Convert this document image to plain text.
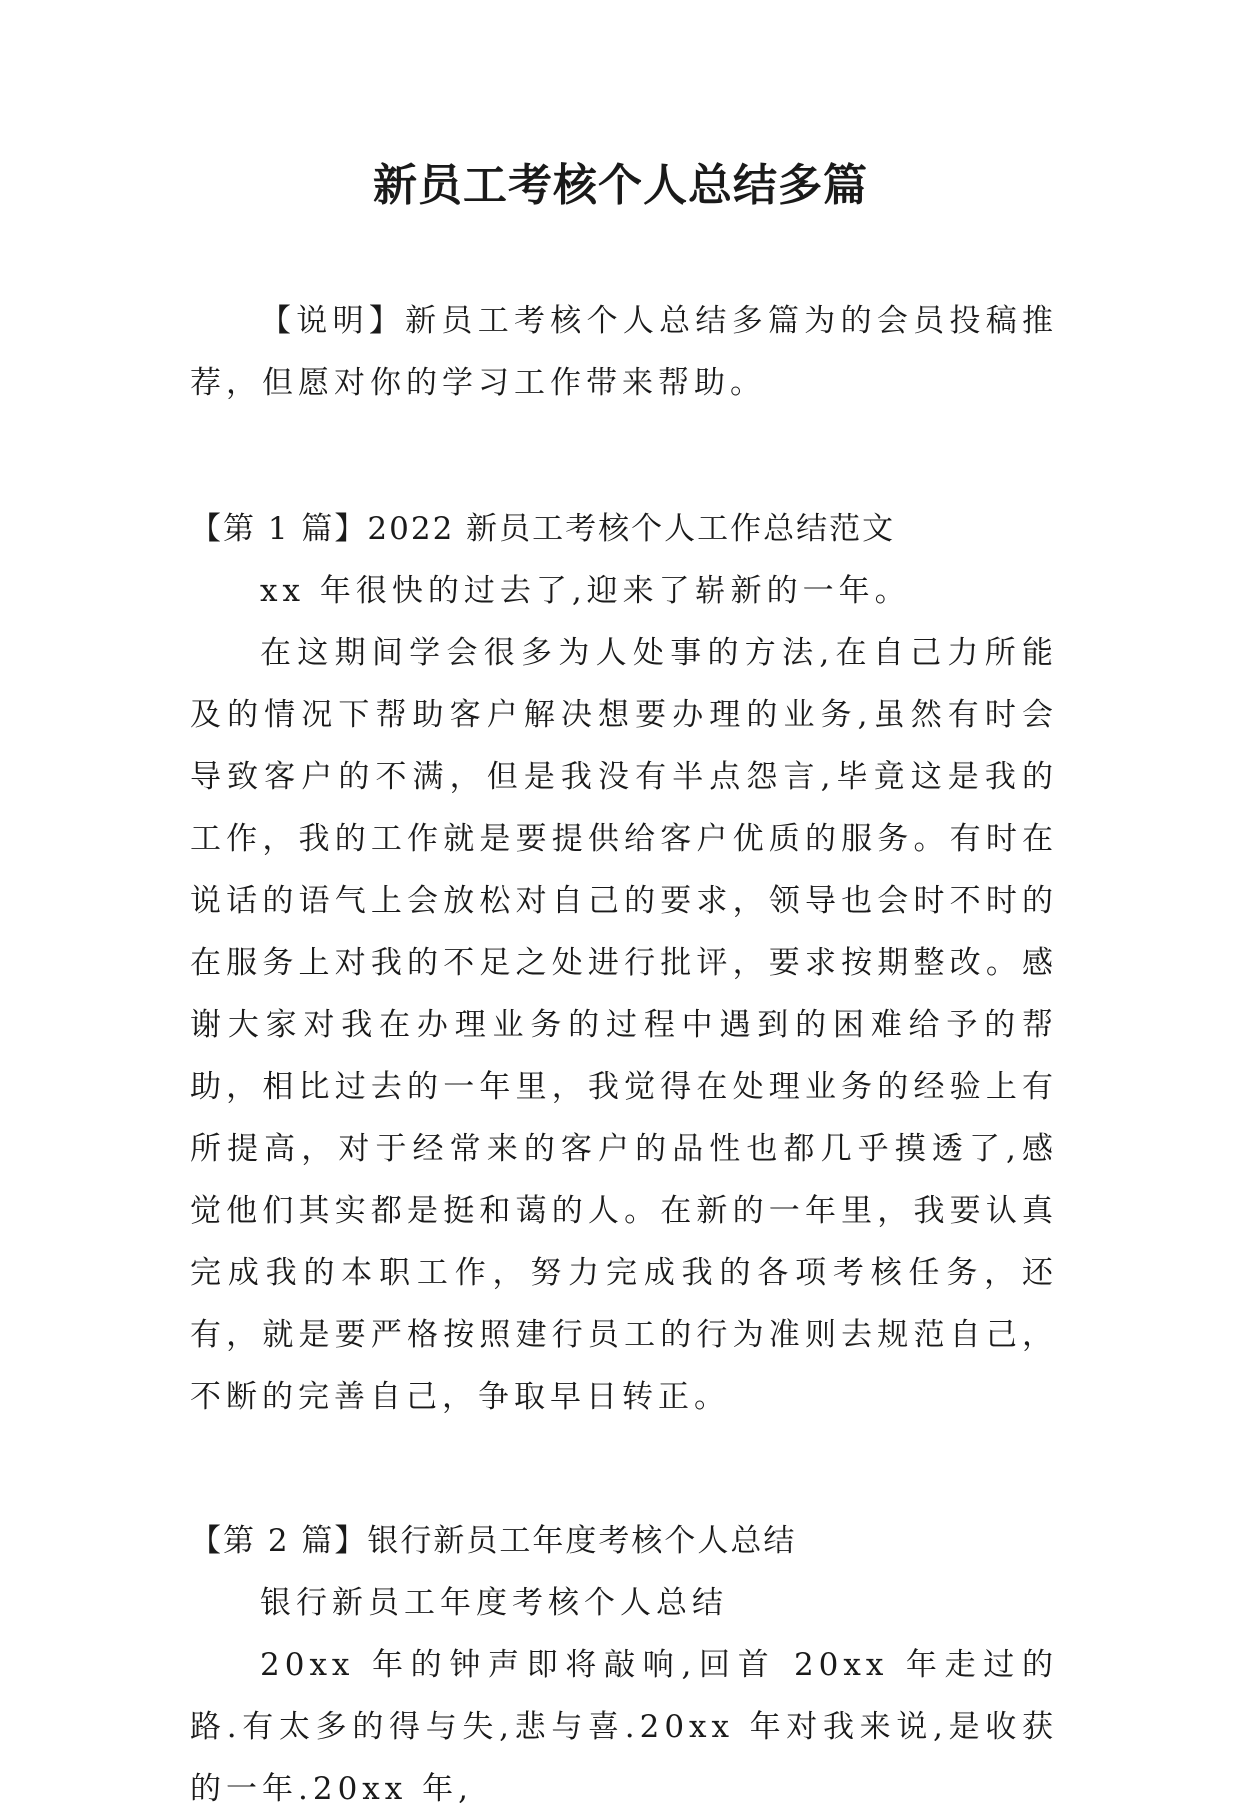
新员工考核个人总结多篇

【说明】新员工考核个人总结多篇为的会员投稿推荐，但愿对你的学习工作带来帮助。

【第 1 篇】2022 新员工考核个人工作总结范文

xx 年很快的过去了,迎来了崭新的一年。

在这期间学会很多为人处事的方法,在自己力所能及的情况下帮助客户解决想要办理的业务,虽然有时会导致客户的不满，但是我没有半点怨言,毕竟这是我的工作，我的工作就是要提供给客户优质的服务。有时在说话的语气上会放松对自己的要求，领导也会时不时的在服务上对我的不足之处进行批评，要求按期整改。感谢大家对我在办理业务的过程中遇到的困难给予的帮助，相比过去的一年里，我觉得在处理业务的经验上有所提高，对于经常来的客户的品性也都几乎摸透了,感觉他们其实都是挺和蔼的人。在新的一年里，我要认真完成我的本职工作，努力完成我的各项考核任务，还有，就是要严格按照建行员工的行为准则去规范自己，不断的完善自己，争取早日转正。

【第 2 篇】银行新员工年度考核个人总结

银行新员工年度考核个人总结

20xx 年的钟声即将敲响,回首 20xx 年走过的路.有太多的得与失,悲与喜.20xx 年对我来说,是收获的一年.20xx 年,
